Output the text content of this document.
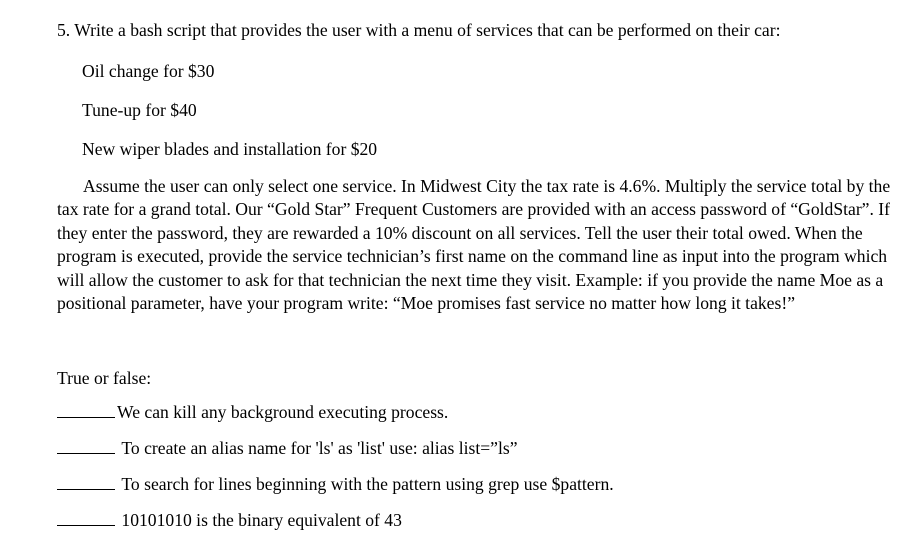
5. Write a bash script that provides the user with a menu of services that can be performed on their car:
Oil change for $30
Tune-up for $40
New wiper blades and installation for $20
Assume the user can only select one service. In Midwest City the tax rate is 4.6%. Multiply the service total by the tax rate for a grand total. Our “Gold Star” Frequent Customers are provided with an access password of “GoldStar”. If they enter the password, they are rewarded a 10% discount on all services. Tell the user their total owed. When the program is executed, provide the service technician’s first name on the command line as input into the program which will allow the customer to ask for that technician the next time they visit. Example: if you provide the name Moe as a positional parameter, have your program write: “Moe promises fast service no matter how long it takes!”
True or false:
We can kill any background executing process.
To create an alias name for 'ls' as 'list' use: alias list=”ls”
To search for lines beginning with the pattern using grep use $pattern.
10101010 is the binary equivalent of 43
